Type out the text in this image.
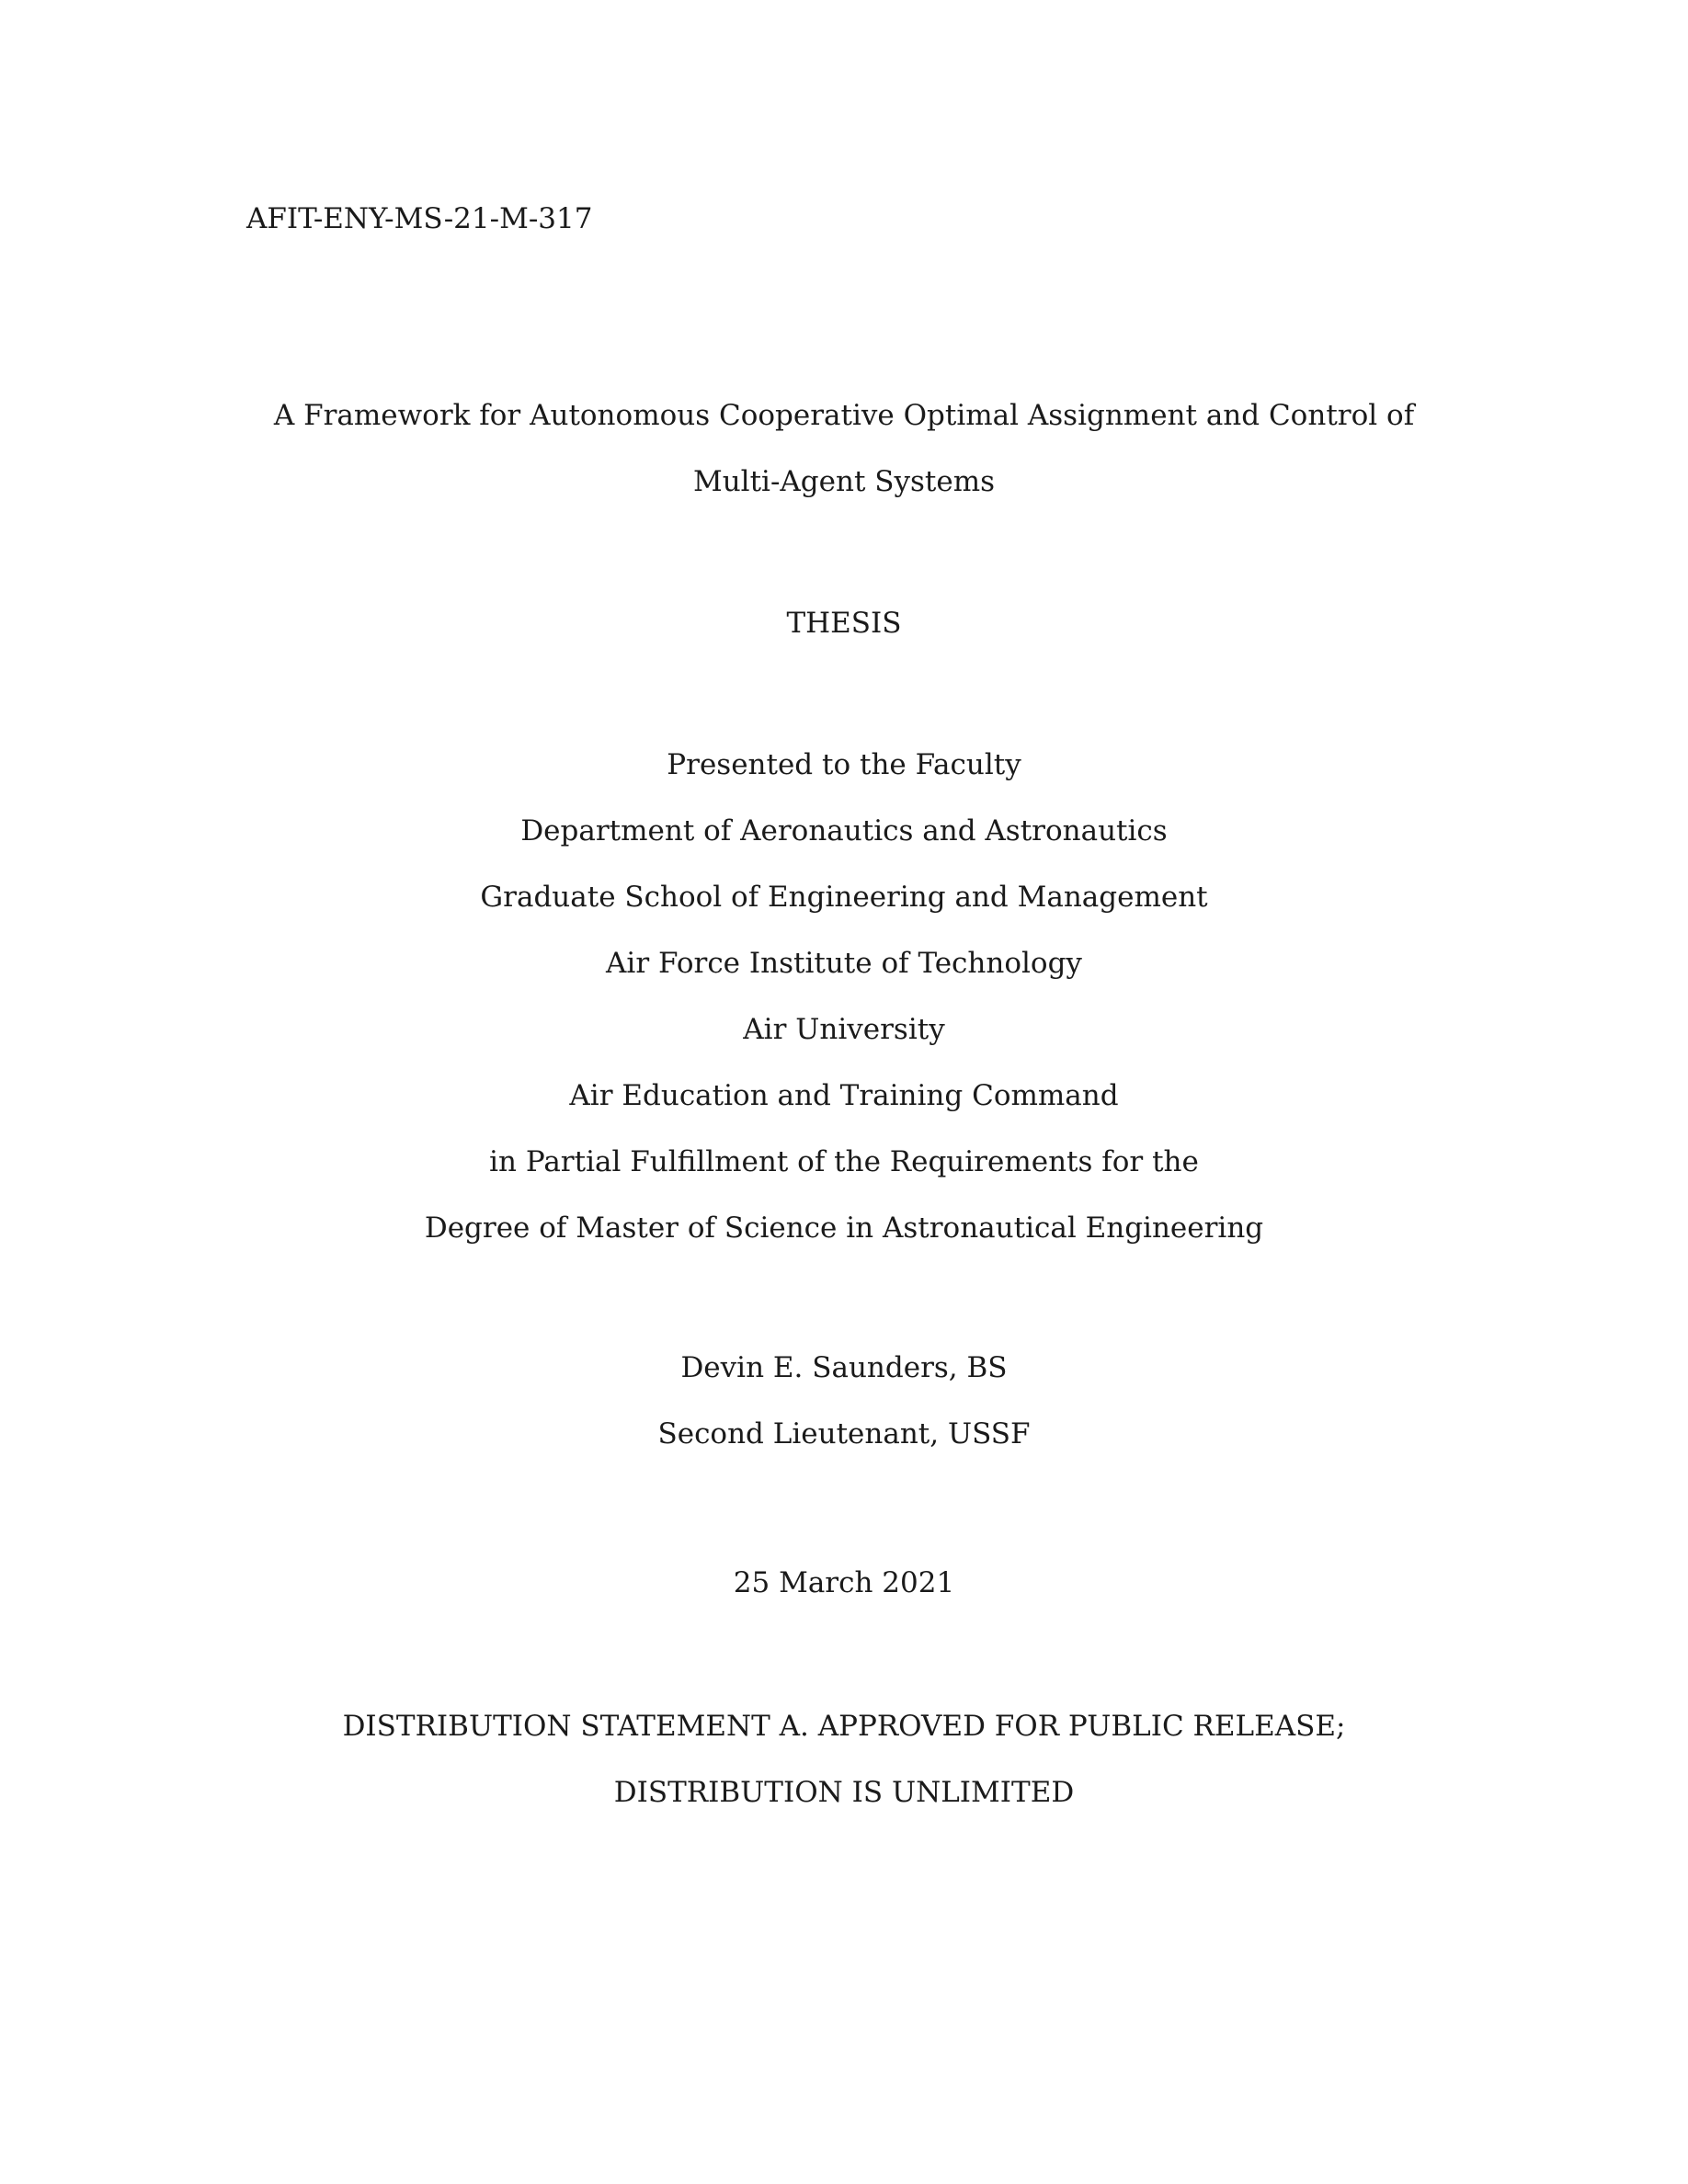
AFIT-ENY-MS-21-M-317
A Framework for Autonomous Cooperative Optimal Assignment and Control of
Multi-Agent Systems
THESIS
Presented to the Faculty
Department of Aeronautics and Astronautics
Graduate School of Engineering and Management
Air Force Institute of Technology
Air University
Air Education and Training Command
in Partial Fulfillment of the Requirements for the
Degree of Master of Science in Astronautical Engineering
Devin E. Saunders, BS
Second Lieutenant, USSF
25 March 2021
DISTRIBUTION STATEMENT A. APPROVED FOR PUBLIC RELEASE;
DISTRIBUTION IS UNLIMITED
